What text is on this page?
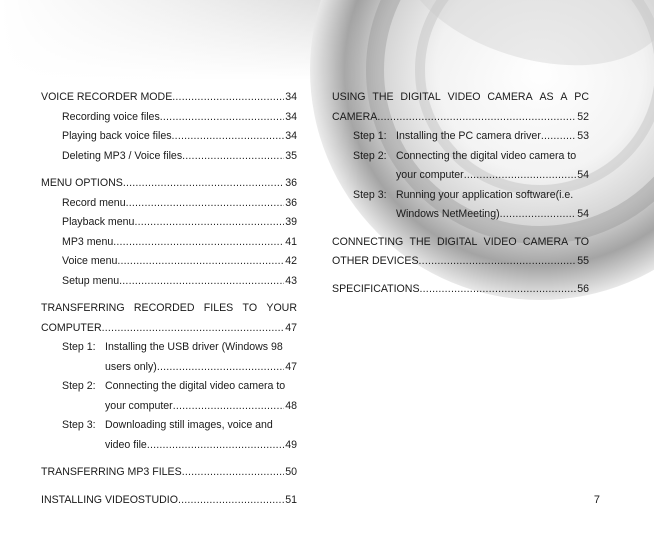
VOICE RECORDER MODE .....	34
Recording voice files .....	34
Playing back voice files .....	34
Deleting MP3 / Voice files .....	35
MENU OPTIONS .....	36
Record menu .....	36
Playback menu .....	39
MP3 menu .....	41
Voice menu .....	42
Setup menu .....	43
TRANSFERRING RECORDED FILES TO YOUR
COMPUTER .....	47
Step 1: Installing the USB driver (Windows 98
users only) .....	47
Step 2: Connecting the digital video camera to
your computer .....	48
Step 3: Downloading still images, voice and
video file .....	49
TRANSFERRING MP3 FILES .....	50
INSTALLING VIDEOSTUDIO .....	51
USING THE DIGITAL VIDEO CAMERA AS A PC
CAMERA .....	52
Step 1: Installing the PC camera driver .....	53
Step 2: Connecting the digital video camera to
your computer .....	54
Step 3: Running your application software(i.e.
Windows NetMeeting) .....	54
CONNECTING THE DIGITAL VIDEO CAMERA TO
OTHER DEVICES .....	55
SPECIFICATIONS .....	56
7
